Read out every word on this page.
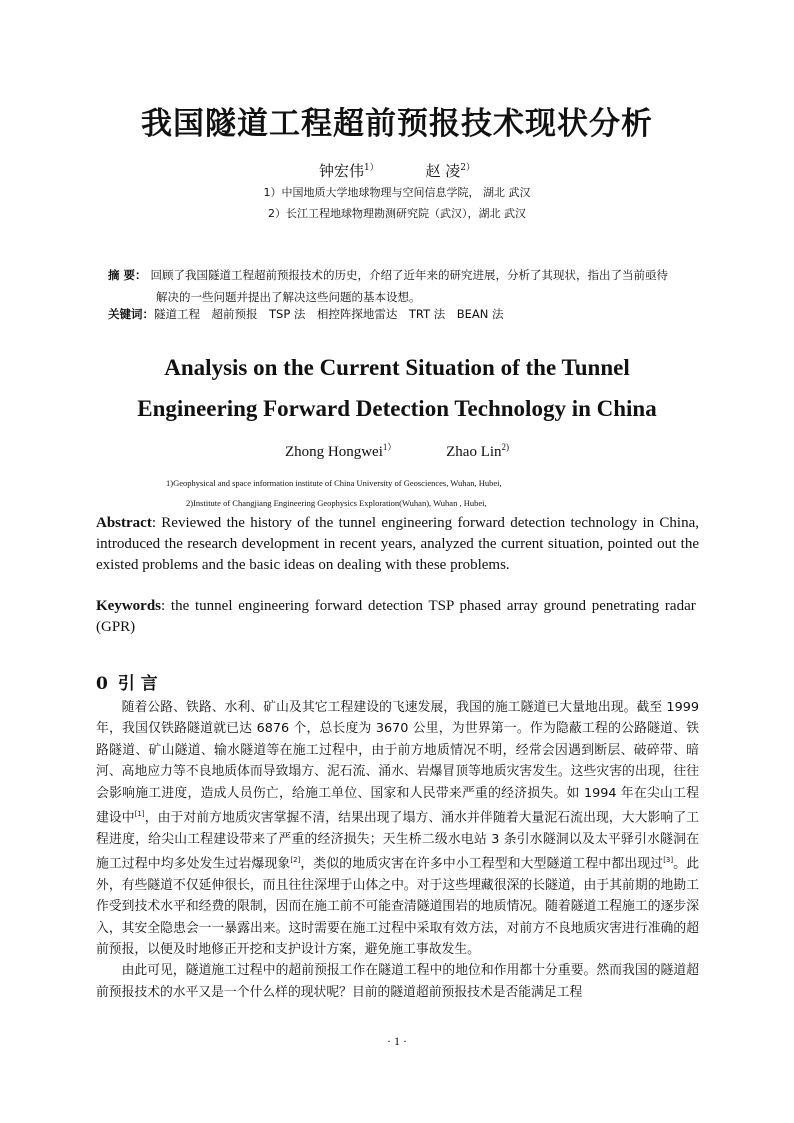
我国隧道工程超前预报技术现状分析
钟宏伟$^{1)}$	赵 凌$^{2)}$
1）中国地质大学地球物理与空间信息学院， 湖北 武汉
2）长江工程地球物理勘测研究院（武汉），湖北 武汉
摘 要： 回顾了我国隧道工程超前预报技术的历史，介绍了近年来的研究进展，分析了其现状，指出了当前亟待
解决的一些问题并提出了解决这些问题的基本设想。
关键词：隧道工程　超前预报　TSP 法　相控阵探地雷达　TRT 法　BEAN 法
Analysis on the Current Situation of the Tunnel
Engineering Forward Detection Technology in China
Zhong Hongwei$^{1)}$	Zhao Lin$^{2)}$
1)Geophysical and space information institute of China University of Geosciences, Wuhan, Hubei,
2)Institute of Changjiang Engineering Geophysics Exploration(Wuhan), Wuhan , Hubei,
Abstract: Reviewed the history of the tunnel engineering forward detection technology in China, introduced the research development in recent years, analyzed the current situation, pointed out the existed problems and the basic ideas on dealing with these problems.
Keywords: the tunnel engineering forward detection TSP phased array ground penetrating radar (GPR)
0 引 言

随着公路、铁路、水利、矿山及其它工程建设的飞速发展，我国的施工隧道已大量地出现。截至 1999 年，我国仅铁路隧道就已达 6876 个，总长度为 3670 公里，为世界第一。作为隐蔽工程的公路隧道、铁路隧道、矿山隧道、输水隧道等在施工过程中，由于前方地质情况不明，经常会因遇到断层、破碎带、暗河、高地应力等不良地质体而导致塌方、泥石流、涌水、岩爆冒顶等地质灾害发生。这些灾害的出现，往往会影响施工进度，造成人员伤亡，给施工单位、国家和人民带来严重的经济损失。如 1994 年在尖山工程建设中[1]，由于对前方地质灾害掌握不清，结果出现了塌方、涌水并伴随着大量泥石流出现，大大影响了工程进度，给尖山工程建设带来了严重的经济损失；天生桥二级水电站 3 条引水隧洞以及太平驿引水隧洞在施工过程中均多处发生过岩爆现象[2]，类似的地质灾害在许多中小工程型和大型隧道工程中都出现过[3]。此外，有些隧道不仅延伸很长，而且往往深埋于山体之中。对于这些埋藏很深的长隧道，由于其前期的地勘工作受到技术水平和经费的限制，因而在施工前不可能查清隧道围岩的地质情况。随着隧道工程施工的逐步深入，其安全隐患会一一暴露出来。这时需要在施工过程中采取有效方法，对前方不良地质灾害进行准确的超前预报，以便及时地修正开挖和支护设计方案，避免施工事故发生。

由此可见，隧道施工过程中的超前预报工作在隧道工程中的地位和作用都十分重要。然而我国的隧道超前预报技术的水平又是一个什么样的现状呢？目前的隧道超前预报技术是否能满足工程

· 1 ·
